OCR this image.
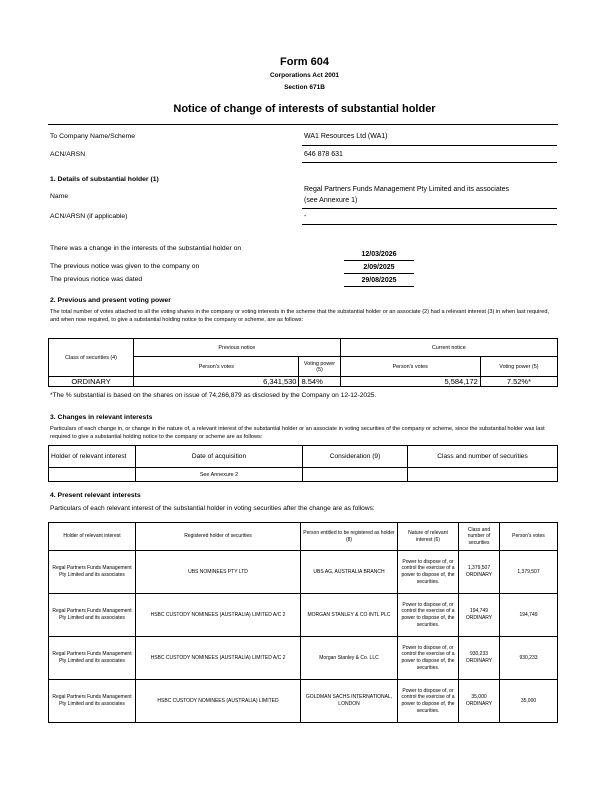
Form 604
Corporations Act 2001
Section 671B
Notice of change of interests of substantial holder
To Company Name/Scheme	WA1 Resources Ltd (WA1)
ACN/ARSN	646 878 631
1. Details of substantial holder (1)
Name
Regal Partners Funds Management Pty Limited and its associates
(see Annexure 1)
ACN/ARSN (if applicable)	-
There was a change in the interests of the substantial holder on
12/03/2026
The previous notice was given to the company on	2/09/2025
The previous notice was dated	29/08/2025
2. Previous and present voting power
The total number of votes attached to all the voting shares in the company or voting interests in the scheme that the substantial holder or an associate (2) had a relevant interest (3) in when last required, and when now required, to give a substantial holding notice to the company or scheme, are as follows:
Class of securities (4)	Previous notice		Current notice	
	Person's votes	Voting power (5)	Person's votes	Voting power (5)
ORDINARY	6,341,530	8.54%	5,584,172	7.52%*
*The % substantial is based on the shares on issue of 74,266,879 as disclosed by the Company on 12-12-2025.
3. Changes in relevant interests
Particulars of each change in, or change in the nature of, a relevant interest of the substantial holder or an associate in voting securities of the company or scheme, since the substantial holder was last required to give a substantial holding notice to the company or scheme are as follows:
Holder of relevant interest	Date of acquisition	Consideration (9)	Class and number of securities
	See Annexure 2		
4. Present relevant interests
Particulars of each relevant interest of the substantial holder in voting securities after the change are as follows:
Holder of relevant interest	Registered holder of securities	Person entitled to be registered as holder (8)	Nature of relevant interest (6)	Class and number of securities	Person's votes
Regal Partners Funds Management Pty Limited and its associates	UBS NOMINEES PTY LTD	UBS AG, AUSTRALIA BRANCH	Power to dispose of, or control the exercise of a power to dispose of, the securities.	1,379,507 ORDINARY	1,379,507
Regal Partners Funds Management Pty Limited and its associates	HSBC CUSTODY NOMINEES (AUSTRALIA) LIMITED A/C 2	MORGAN STANLEY & CO INTL PLC	Power to dispose of, or control the exercise of a power to dispose of, the securities.	194,749 ORDINARY	194,749
Regal Partners Funds Management Pty Limited and its associates	HSBC CUSTODY NOMINEES (AUSTRALIA) LIMITED A/C 2	Morgan Stanley & Co. LLC	Power to dispose of, or control the exercise of a power to dispose of, the securities.	930,233 ORDINARY	930,233
Regal Partners Funds Management Pty Limited and its associates	HSBC CUSTODY NOMINEES (AUSTRALIA) LIMITED	GOLDMAN SACHS INTERNATIONAL, LONDON	Power to dispose of, or control the exercise of a power to dispose of, the securities.	35,000 ORDINARY	35,000
